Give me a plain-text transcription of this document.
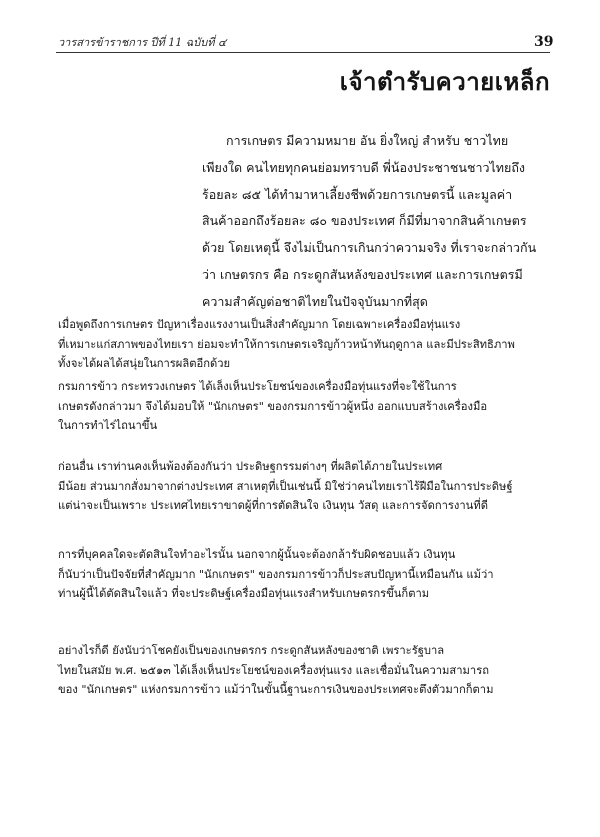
วารสารข้าราชการ ปีที่ 11 ฉบับที่ ๔	39
เจ้าตำรับควายเหล็ก
การเกษตร มีความหมาย อัน ยิ่งใหญ่ สำหรับ ชาวไทย
เพียงใด คนไทยทุกคนย่อมทราบดี พี่น้องประชาชนชาวไทยถึง
ร้อยละ ๘๕ ได้ทำมาหาเลี้ยงชีพด้วยการเกษตรนี้ และมูลค่า
สินค้าออกถึงร้อยละ ๘๐ ของประเทศ ก็มีที่มาจากสินค้าเกษตร
ด้วย โดยเหตุนี้ จึงไม่เป็นการเกินกว่าความจริง ที่เราจะกล่าวกัน
ว่า เกษตรกร คือ กระดูกสันหลังของประเทศ และการเกษตรมี
ความสำคัญต่อชาติไทยในปัจจุบันมากที่สุด
เมื่อพูดถึงการเกษตร ปัญหาเรื่องแรงงานเป็นสิ่งสำคัญมาก โดยเฉพาะเครื่องมือทุ่นแรง
ที่เหมาะแก่สภาพของไทยเรา ย่อมจะทำให้การเกษตรเจริญก้าวหน้าทันฤดูกาล และมีประสิทธิภาพ
ทั้งจะได้ผลได้สนุ่ยในการผลิตอีกด้วย
กรมการข้าว กระทรวงเกษตร ได้เล็งเห็นประโยชน์ของเครื่องมือทุ่นแรงที่จะใช้ในการ
เกษตรดังกล่าวมา จึงได้มอบให้ "นักเกษตร" ของกรมการข้าวผู้หนึ่ง ออกแบบสร้างเครื่องมือ
ในการทำไร่ไถนาขึ้น
ก่อนอื่น เราท่านคงเห็นพ้องต้องกันว่า ประดิษฐกรรมต่างๆ ที่ผลิตได้ภายในประเทศ
มีน้อย ส่วนมากสั่งมาจากต่างประเทศ สาเหตุที่เป็นเช่นนี้ มิใช่ว่าคนไทยเราไร้ฝีมือในการประดิษฐ์
แต่น่าจะเป็นเพราะ ประเทศไทยเราขาดผู้ที่การตัดสินใจ เงินทุน วัสดุ และการจัดการงานที่ดี
การที่บุคคลใดจะตัดสินใจทำอะไรนั้น นอกจากผู้นั้นจะต้องกล้ารับผิดชอบแล้ว เงินทุน
ก็นับว่าเป็นปัจจัยที่สำคัญมาก "นักเกษตร" ของกรมการข้าวก็ประสบปัญหานี้เหมือนกัน แม้ว่า
ท่านผู้นี้ได้ตัดสินใจแล้ว ที่จะประดิษฐ์เครื่องมือทุ่นแรงสำหรับเกษตรกรขึ้นก็ตาม
อย่างไรก็ดี ยังนับว่าโชคยังเป็นของเกษตรกร กระดูกสันหลังของชาติ เพราะรัฐบาล
ไทยในสมัย พ.ศ. ๒๕๑๓ ได้เล็งเห็นประโยชน์ของเครื่องทุ่นแรง และเชื่อมั่นในความสามารถ
ของ "นักเกษตร" แห่งกรมการข้าว แม้ว่าในขั้นนี้ฐานะการเงินของประเทศจะตึงตัวมากก็ตาม
